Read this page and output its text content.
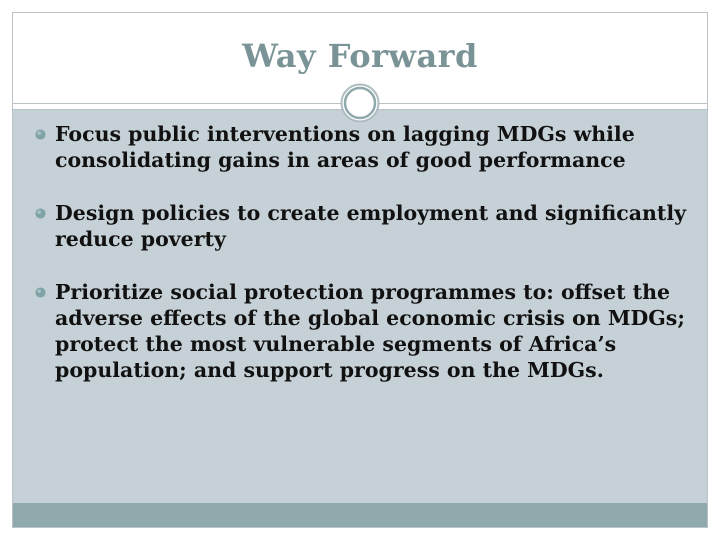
Way Forward
Focus public interventions on lagging MDGs while consolidating gains in areas of good performance
Design policies to create employment and significantly reduce poverty
Prioritize social protection programmes to: offset the adverse effects of the global economic crisis on MDGs; protect the most vulnerable segments of Africa’s population; and support progress on the MDGs.
